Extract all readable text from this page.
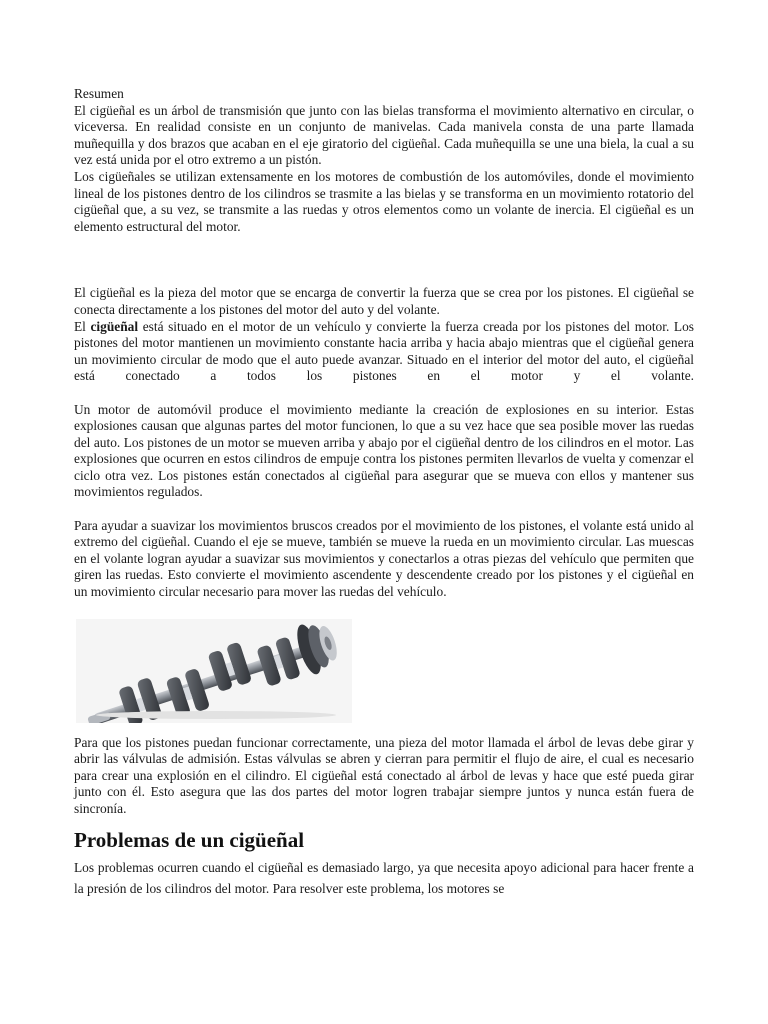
Resumen

El cigüeñal es un árbol de transmisión que junto con las bielas transforma el movimiento alternativo en circular, o viceversa. En realidad consiste en un conjunto de manivelas. Cada manivela consta de una parte llamada muñequilla y dos brazos que acaban en el eje giratorio del cigüeñal. Cada muñequilla se une una biela, la cual a su vez está unida por el otro extremo a un pistón.

Los cigüeñales se utilizan extensamente en los motores de combustión de los automóviles, donde el movimiento lineal de los pistones dentro de los cilindros se trasmite a las bielas y se transforma en un movimiento rotatorio del cigüeñal que, a su vez, se transmite a las ruedas y otros elementos como un volante de inercia. El cigüeñal es un elemento estructural del motor.

El cigüeñal es la pieza del motor que se encarga de convertir la fuerza que se crea por los pistones. El cigüeñal se conecta directamente a los pistones del motor del auto y del volante.

El cigüeñal está situado en el motor de un vehículo y convierte la fuerza creada por los pistones del motor. Los pistones del motor mantienen un movimiento constante hacia arriba y hacia abajo mientras que el cigüeñal genera un movimiento circular de modo que el auto puede avanzar. Situado en el interior del motor del auto, el cigüeñal está conectado a todos los pistones en el motor y el volante.

Un motor de automóvil produce el movimiento mediante la creación de explosiones en su interior. Estas explosiones causan que algunas partes del motor funcionen, lo que a su vez hace que sea posible mover las ruedas del auto. Los pistones de un motor se mueven arriba y abajo por el cigüeñal dentro de los cilindros en el motor. Las explosiones que ocurren en estos cilindros de empuje contra los pistones permiten llevarlos de vuelta y comenzar el ciclo otra vez. Los pistones están conectados al cigüeñal para asegurar que se mueva con ellos y mantener sus movimientos regulados.

Para ayudar a suavizar los movimientos bruscos creados por el movimiento de los pistones, el volante está unido al extremo del cigüeñal. Cuando el eje se mueve, también se mueve la rueda en un movimiento circular. Las muescas en el volante logran ayudar a suavizar sus movimientos y conectarlos a otras piezas del vehículo que permiten que giren las ruedas. Esto convierte el movimiento ascendente y descendente creado por los pistones y el cigüeñal en un movimiento circular necesario para mover las ruedas del vehículo.

Para que los pistones puedan funcionar correctamente, una pieza del motor llamada el árbol de levas debe girar y abrir las válvulas de admisión. Estas válvulas se abren y cierran para permitir el flujo de aire, el cual es necesario para crear una explosión en el cilindro. El cigüeñal está conectado al árbol de levas y hace que esté pueda girar junto con él. Esto asegura que las dos partes del motor logren trabajar siempre juntos y nunca están fuera de sincronía.

Problemas de un cigüeñal

Los problemas ocurren cuando el cigüeñal es demasiado largo, ya que necesita apoyo adicional para hacer frente a la presión de los cilindros del motor. Para resolver este problema, los motores se
